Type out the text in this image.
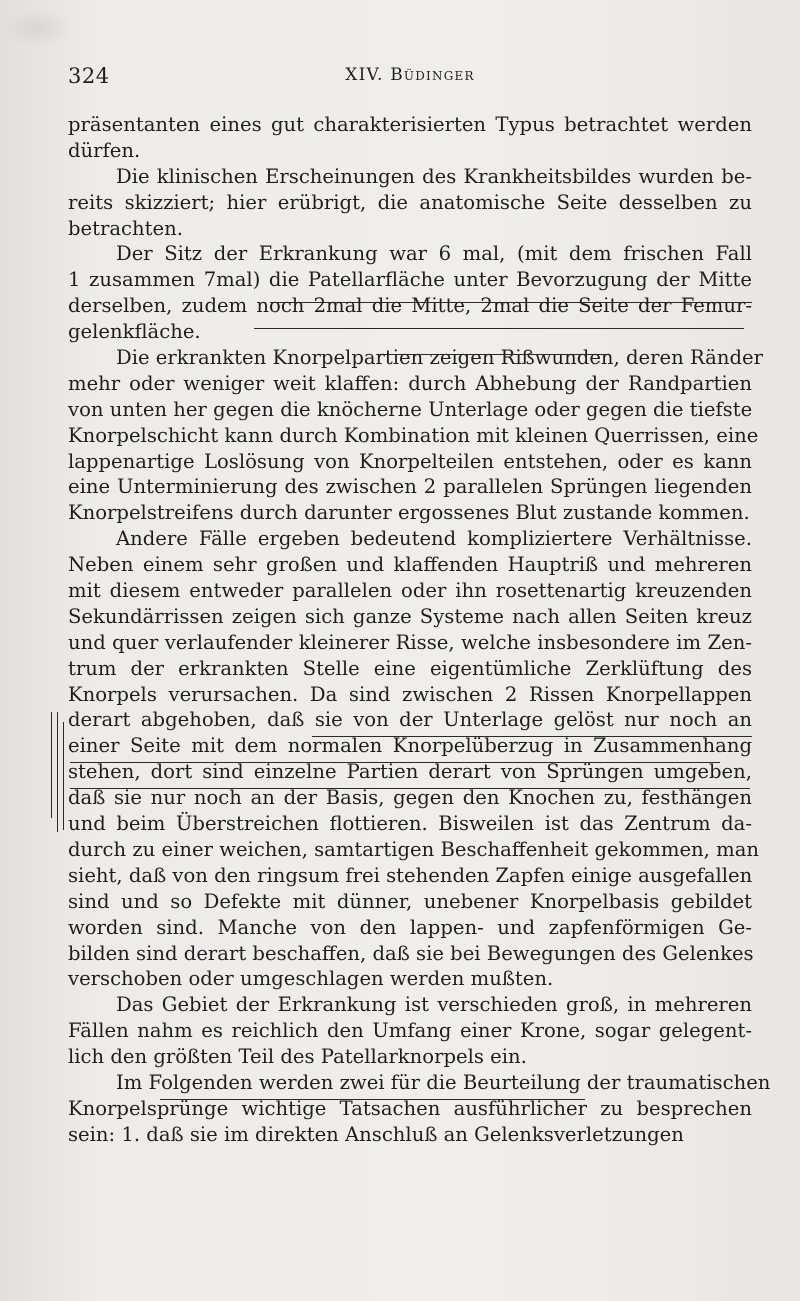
324	XIV. Büdinger
präsentanten eines gut charakterisierten Typus betrachtet werden
dürfen.
Die klinischen Erscheinungen des Krankheitsbildes wurden be-
reits skizziert; hier erübrigt, die anatomische Seite desselben zu
betrachten.
Der Sitz der Erkrankung war 6 mal, (mit dem frischen Fall
1 zusammen 7mal) die Patellarfläche unter Bevorzugung der Mitte
derselben, zudem noch 2mal die Mitte, 2mal die Seite der Femur-
gelenkfläche.
Die erkrankten Knorpelpartien zeigen Rißwunden, deren Ränder
mehr oder weniger weit klaffen: durch Abhebung der Randpartien
von unten her gegen die knöcherne Unterlage oder gegen die tiefste
Knorpelschicht kann durch Kombination mit kleinen Querrissen, eine
lappenartige Loslösung von Knorpelteilen entstehen, oder es kann
eine Unterminierung des zwischen 2 parallelen Sprüngen liegenden
Knorpelstreifens durch darunter ergossenes Blut zustande kommen.
Andere Fälle ergeben bedeutend kompliziertere Verhältnisse.
Neben einem sehr großen und klaffenden Hauptriß und mehreren
mit diesem entweder parallelen oder ihn rosettenartig kreuzenden
Sekundärrissen zeigen sich ganze Systeme nach allen Seiten kreuz
und quer verlaufender kleinerer Risse, welche insbesondere im Zen-
trum der erkrankten Stelle eine eigentümliche Zerklüftung des
Knorpels verursachen. Da sind zwischen 2 Rissen Knorpellappen
derart abgehoben, daß sie von der Unterlage gelöst nur noch an
einer Seite mit dem normalen Knorpelüberzug in Zusammenhang
stehen, dort sind einzelne Partien derart von Sprüngen umgeben,
daß sie nur noch an der Basis, gegen den Knochen zu, festhängen
und beim Überstreichen flottieren. Bisweilen ist das Zentrum da-
durch zu einer weichen, samtartigen Beschaffenheit gekommen, man
sieht, daß von den ringsum frei stehenden Zapfen einige ausgefallen
sind und so Defekte mit dünner, unebener Knorpelbasis gebildet
worden sind. Manche von den lappen- und zapfenförmigen Ge-
bilden sind derart beschaffen, daß sie bei Bewegungen des Gelenkes
verschoben oder umgeschlagen werden mußten.
Das Gebiet der Erkrankung ist verschieden groß, in mehreren
Fällen nahm es reichlich den Umfang einer Krone, sogar gelegent-
lich den größten Teil des Patellarknorpels ein.
Im Folgenden werden zwei für die Beurteilung der traumatischen
Knorpelsprünge wichtige Tatsachen ausführlicher zu besprechen
sein: 1. daß sie im direkten Anschluß an Gelenksverletzungen
